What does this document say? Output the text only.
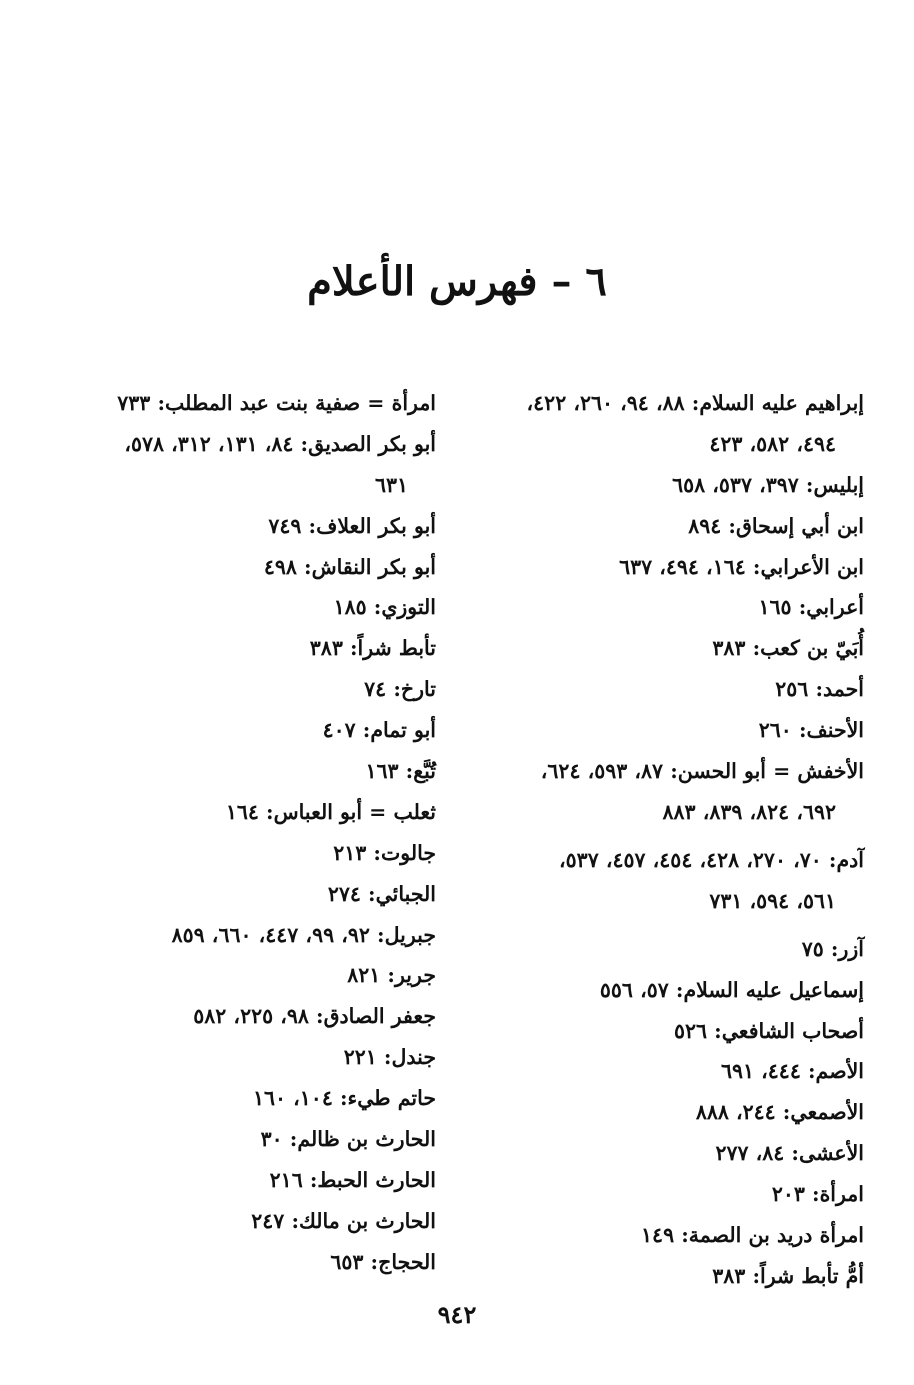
٦ – فهرس الأعلام
إبراهيم عليه السلام: ٨٨، ٩٤، ٢٦٠، ٤٢٢،
٤٩٤، ٥٨٢، ٤٢٣
إبليس: ٣٩٧، ٥٣٧، ٦٥٨
ابن أبي إسحاق: ٨٩٤
ابن الأعرابي: ١٦٤، ٤٩٤، ٦٣٧
أعرابي: ١٦٥
أُبَيّ بن كعب: ٣٨٣
أحمد: ٢٥٦
الأحنف: ٢٦٠
الأخفش = أبو الحسن: ٨٧، ٥٩٣، ٦٢٤،
٦٩٢، ٨٢٤، ٨٣٩، ٨٨٣
آدم: ٧٠، ٢٧٠، ٤٢٨، ٤٥٤، ٤٥٧، ٥٣٧،
٥٦١، ٥٩٤، ٧٣١
آزر: ٧٥
إسماعيل عليه السلام: ٥٧، ٥٥٦
أصحاب الشافعي: ٥٢٦
الأصم: ٤٤٤، ٦٩١
الأصمعي: ٢٤٤، ٨٨٨
الأعشى: ٨٤، ٢٧٧
امرأة: ٢٠٣
امرأة دريد بن الصمة: ١٤٩
أمُّ تأبط شراً: ٣٨٣
امرأة = صفية بنت عبد المطلب: ٧٣٣
أبو بكر الصديق: ٨٤، ١٣١، ٣١٢، ٥٧٨،
٦٣١
أبو بكر العلاف: ٧٤٩
أبو بكر النقاش: ٤٩٨
التوزي: ١٨٥
تأبط شراً: ٣٨٣
تارخ: ٧٤
أبو تمام: ٤٠٧
تُبَّع: ١٦٣
ثعلب = أبو العباس: ١٦٤
جالوت: ٢١٣
الجبائي: ٢٧٤
جبريل: ٩٢، ٩٩، ٤٤٧، ٦٦٠، ٨٥٩
جرير: ٨٢١
جعفر الصادق: ٩٨، ٢٢٥، ٥٨٢
جندل: ٢٢١
حاتم طيء: ١٠٤، ١٦٠
الحارث بن ظالم: ٣٠
الحارث الحبط: ٢١٦
الحارث بن مالك: ٢٤٧
الحجاج: ٦٥٣
٩٤٢
